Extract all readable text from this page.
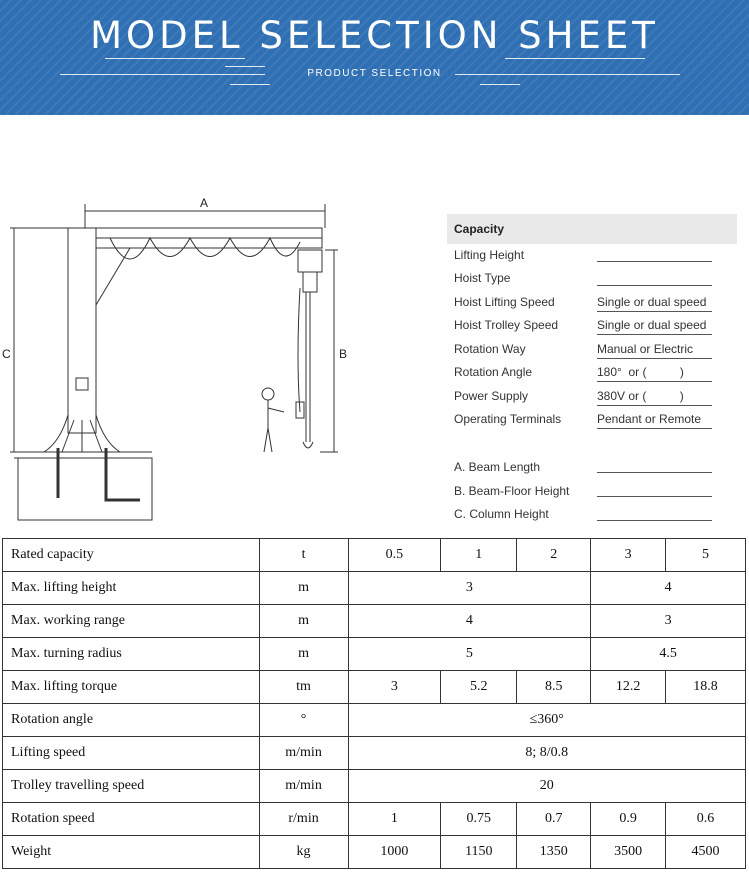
MODEL SELECTION SHEET
PRODUCT SELECTION
A
C	B
Capacity
Lifting Height
Hoist Type
Hoist Lifting Speed	Single or dual speed
Hoist Trolley Speed	Single or dual speed
Rotation Way	Manual or Electric
Rotation Angle	180°  or (          )
Power Supply	380V or (          )
Operating Terminals	Pendant or Remote
A. Beam Length
B. Beam-Floor Height
C. Column Height
Rated capacity	t	0.5	1	2	3	5
Max. lifting height	m	3			4	
Max. working range	m	4			3	
Max. turning radius	m	5			4.5	
Max. lifting torque	tm	3	5.2	8.5	12.2	18.8
Rotation angle	°	≤360°				
Lifting speed	m/min	8; 8/0.8				
Trolley travelling speed	m/min	20				
Rotation speed	r/min	1	0.75	0.7	0.9	0.6
Weight	kg	1000	1150	1350	3500	4500
